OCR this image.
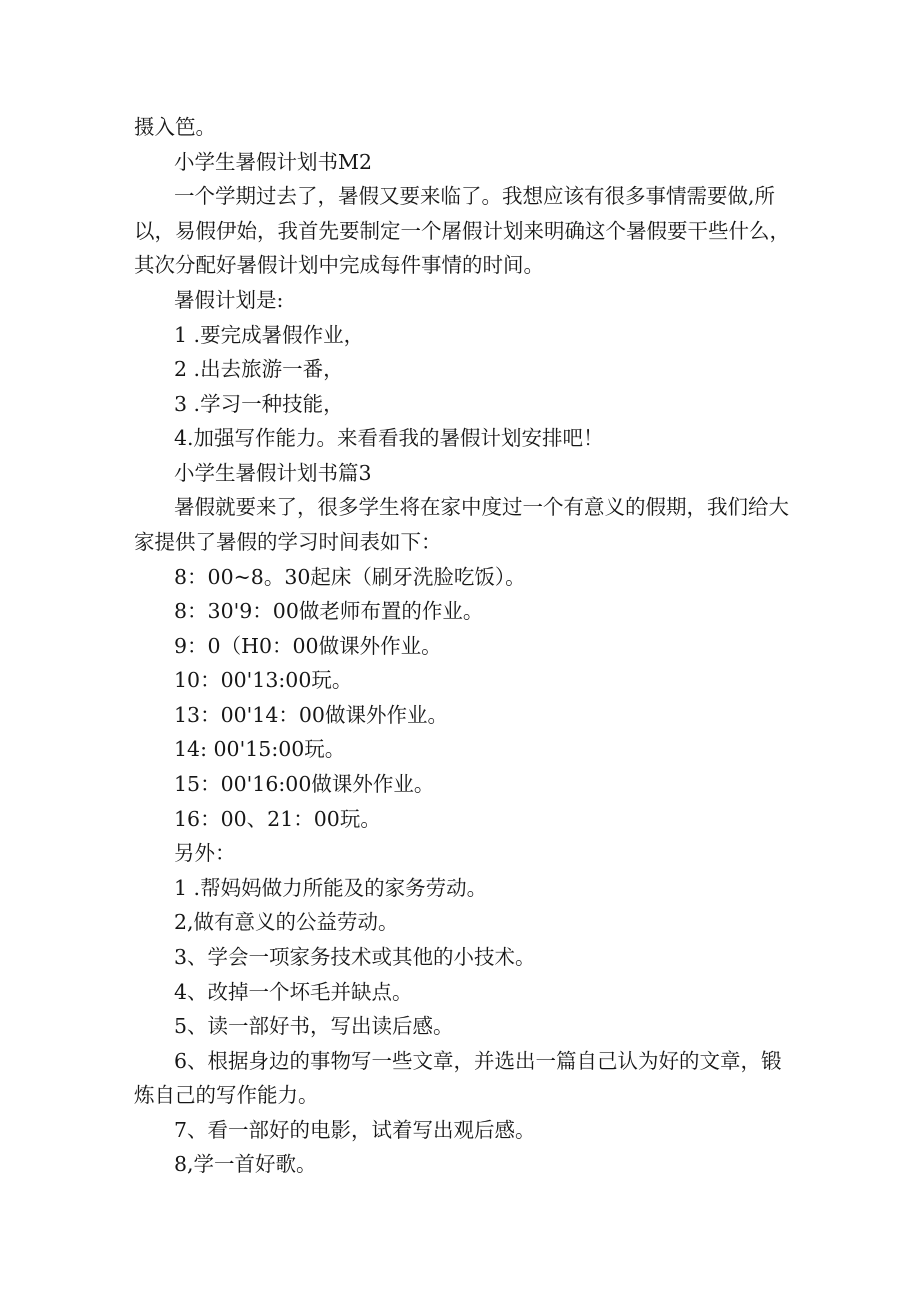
摄入笆。
小学生暑假计划书M2
一个学期过去了，暑假又要来临了。我想应该有很多事情需要做,所
以，易假伊始，我首先要制定一个屠假计划来明确这个暑假要干些什么，
其次分配好暑假计划中完成每件事情的时间。
暑假计划是:
1 .要完成暑假作业，
2 .出去旅游一番，
3 .学习一种技能，
4.加强写作能力。来看看我的暑假计划安排吧！
小学生暑假计划书篇3
暑假就要来了，很多学生将在家中度过一个有意义的假期，我们给大
家提供了暑假的学习时间表如下：
8：00~8。30起床（刷牙洗脸吃饭）。
8：30'9：00做老师布置的作业。
9：0（H0：00做课外作业。
10：00'13:00玩。
13：00'14：00做课外作业。
14: 00'15:00玩。
15：00'16:00做课外作业。
16：00、21：00玩。
另外：
1 .帮妈妈做力所能及的家务劳动。
2,做有意义的公益劳动。
3、学会一项家务技术或其他的小技术。
4、改掉一个坏毛并缺点。
5、读一部好书，写出读后感。
6、根据身边的事物写一些文章，并选出一篇自己认为好的文章，锻
炼自己的写作能力。
7、看一部好的电影，试着写出观后感。
8,学一首好歌。
